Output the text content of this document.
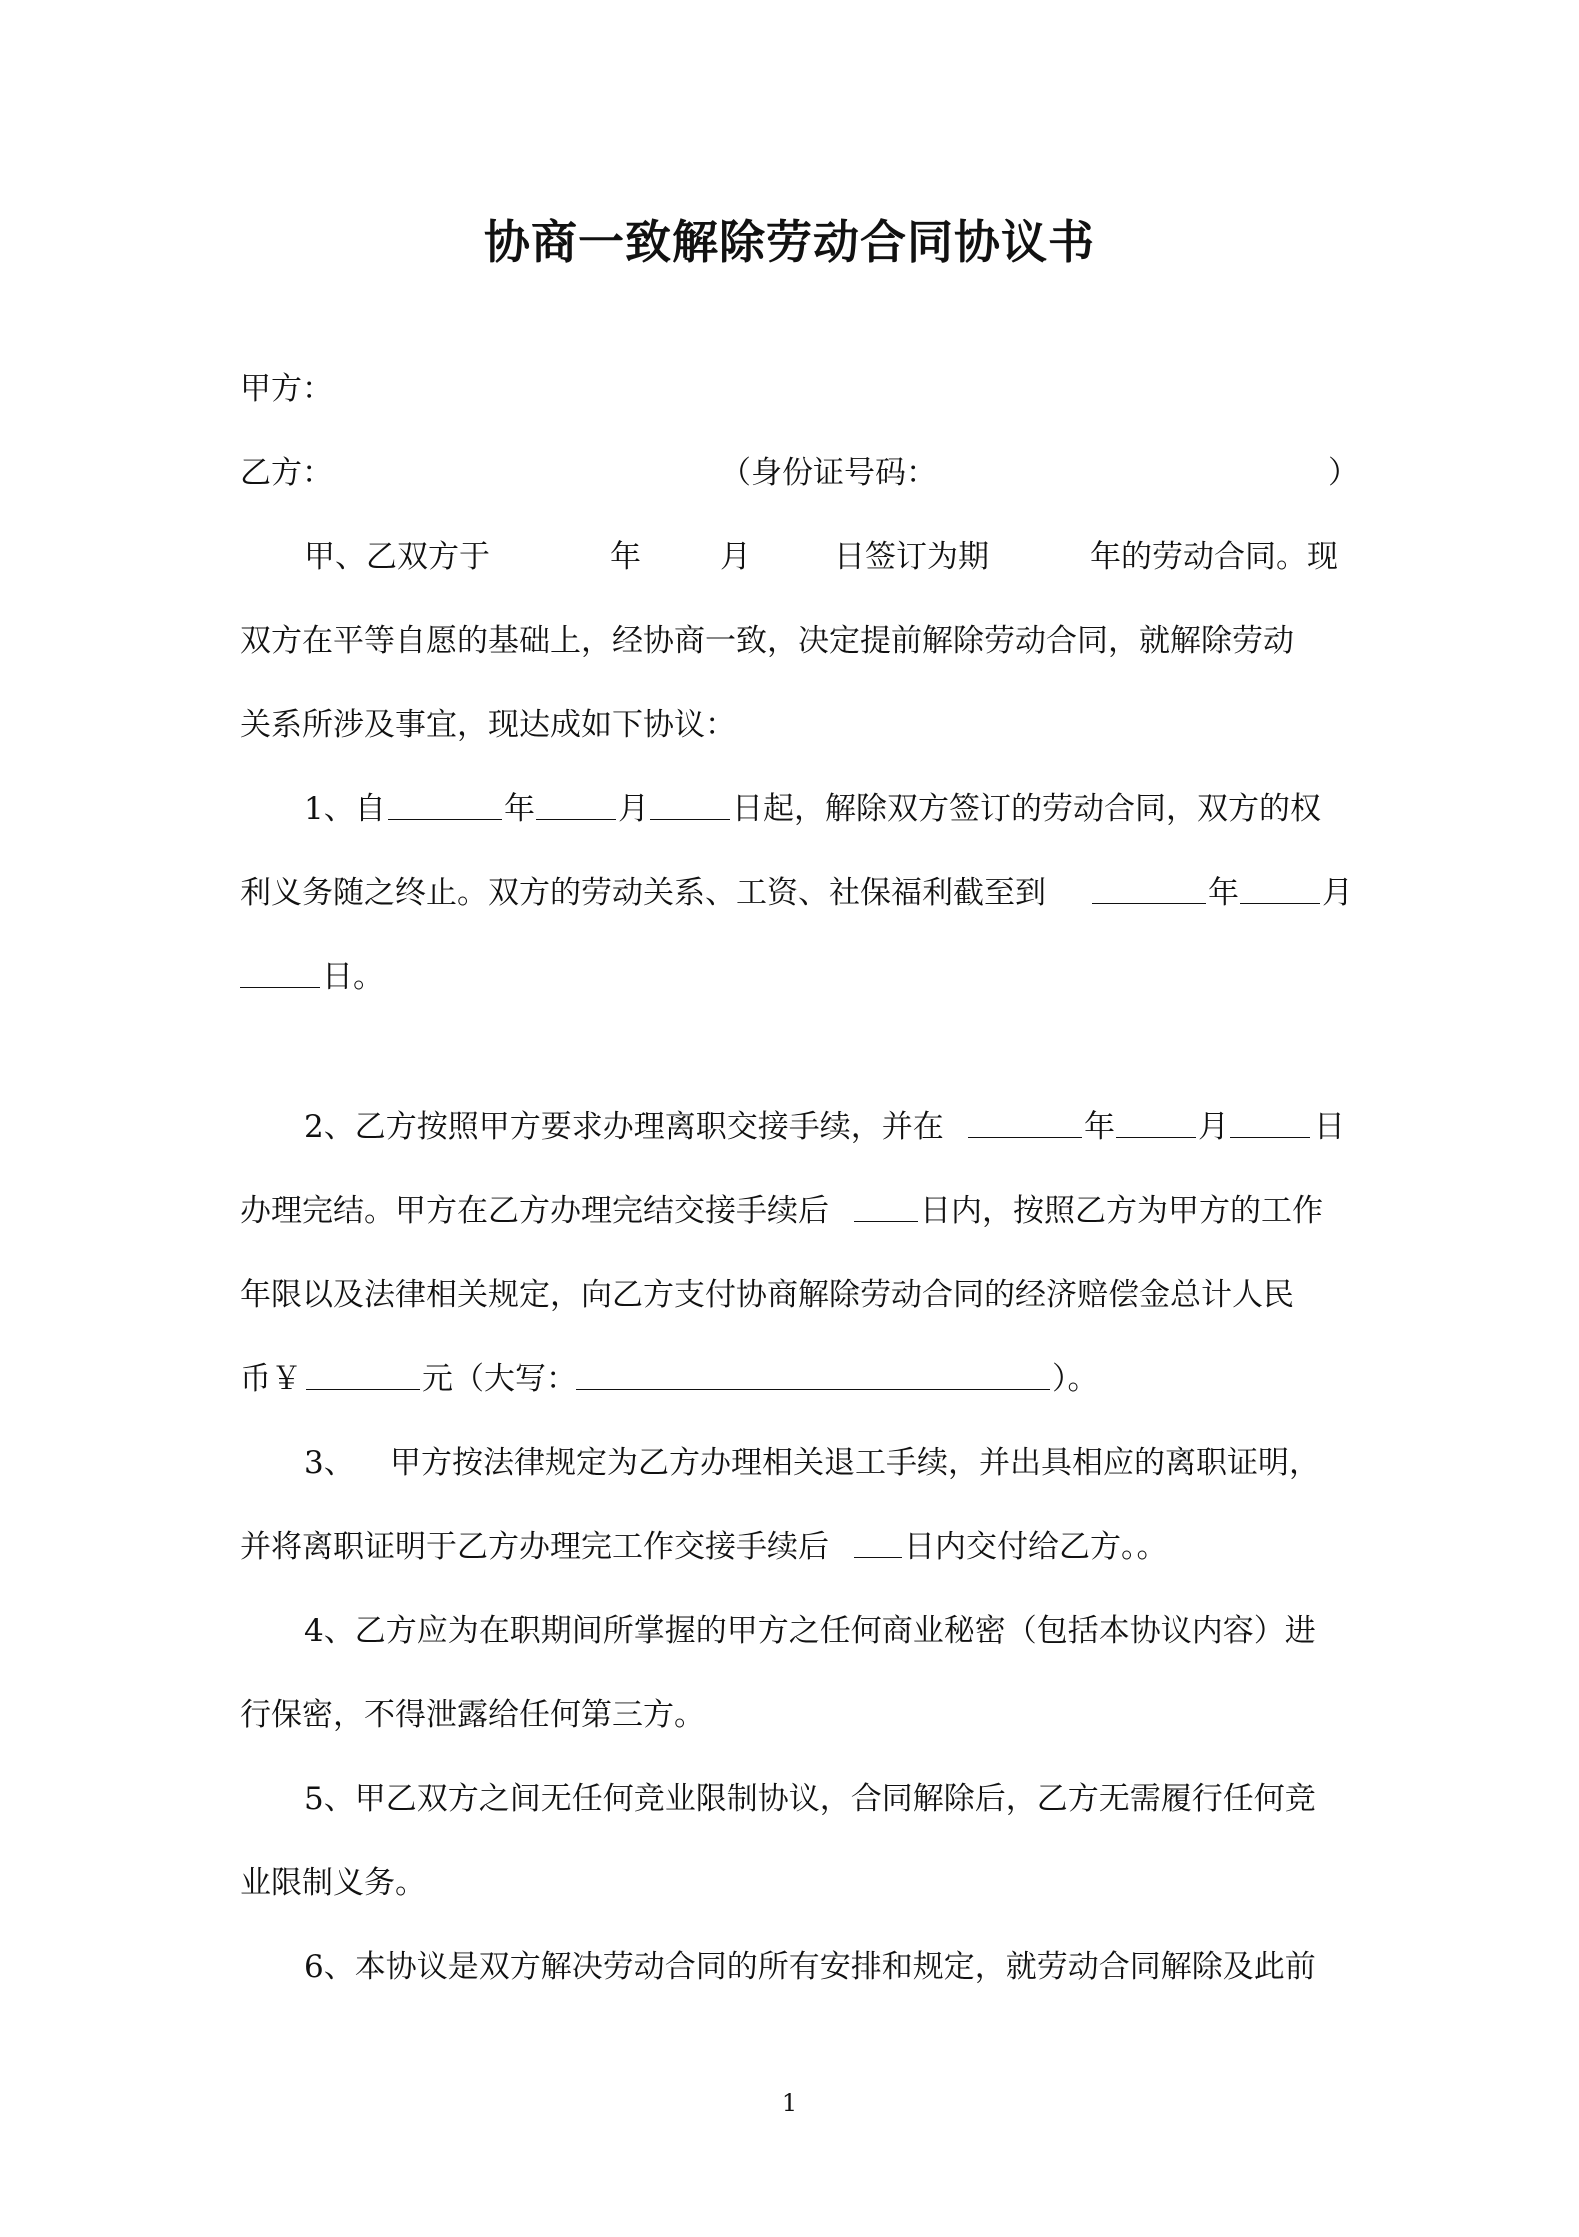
协商一致解除劳动合同协议书
甲方：
乙方：	（身份证号码：	）
甲、乙双方于	年	月	日签订为期	年的劳动合同。现
双方在平等自愿的基础上，经协商一致，决定提前解除劳动合同，就解除劳动
关系所涉及事宜，现达成如下协议：
1、自	年	月	日起，解除双方签订的劳动合同，双方的权
利义务随之终止。双方的劳动关系、工资、社保福利截至到	年	月
日。
2、乙方按照甲方要求办理离职交接手续，并在	年	月	日
办理完结。甲方在乙方办理完结交接手续后	日内，按照乙方为甲方的工作
年限以及法律相关规定，向乙方支付协商解除劳动合同的经济赔偿金总计人民
币￥	元（大写：	）。
3、 甲方按法律规定为乙方办理相关退工手续，并出具相应的离职证明，
并将离职证明于乙方办理完工作交接手续后 日内交付给乙方。。
4、乙方应为在职期间所掌握的甲方之任何商业秘密（包括本协议内容）进
行保密，不得泄露给任何第三方。
5、甲乙双方之间无任何竞业限制协议，合同解除后，乙方无需履行任何竞
业限制义务。
6、本协议是双方解决劳动合同的所有安排和规定，就劳动合同解除及此前
1
